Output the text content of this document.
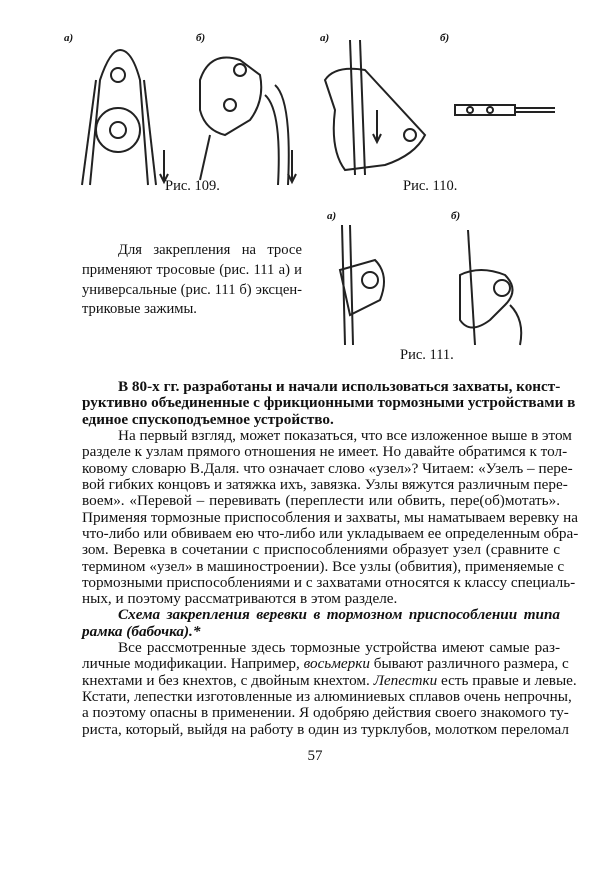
а)	б)
Рис. 109.
а)	б)
Рис. 110.
а)	б)
Рис. 111.
Для закрепления на тросе
применяют тросовые (рис. 111 а) и
универсальные (рис. 111 б) эксцен-
триковые зажимы.
В 80-х гг. разработаны и начали использоваться захваты, конст-
руктивно объединенные с фрикционными тормозными устройствами в
единое спускоподъемное устройство.
На первый взгляд, может показаться, что все изложенное выше в этом
разделе к узлам прямого отношения не имеет. Но давайте обратимся к тол-
ковому словарю В.Даля. что означает слово «узел»? Читаем: «Узелъ – пере-
вой гибких концовъ и затяжка ихъ, завязка. Узлы вяжутся различным пере-
воем». «Перевой – перевивать (переплести или обвить, пере(об)мотать».
Применяя тормозные приспособления и захваты, мы наматываем веревку на
что-либо или обвиваем ею что-либо или укладываем ее определенным обра-
зом. Веревка в сочетании с приспособлениями образует узел (сравните с
термином «узел» в машиностроении). Все узлы (обвития), применяемые с
тормозными приспособлениями и с захватами относятся к классу специаль-
ных, и поэтому рассматриваются в этом разделе.
Схема закрепления веревки в тормозном приспособлении типа
рамка (бабочка).*
Все рассмотренные здесь тормозные устройства имеют самые раз-
личные модификации. Например, восьмерки бывают различного размера, с
кнехтами и без кнехтов, с двойным кнехтом. Лепестки есть правые и левые.
Кстати, лепестки изготовленные из алюминиевых сплавов очень непрочны,
а поэтому опасны в применении. Я одобряю действия своего знакомого ту-
риста, который, выйдя на работу в один из турклубов, молотком переломал
57
